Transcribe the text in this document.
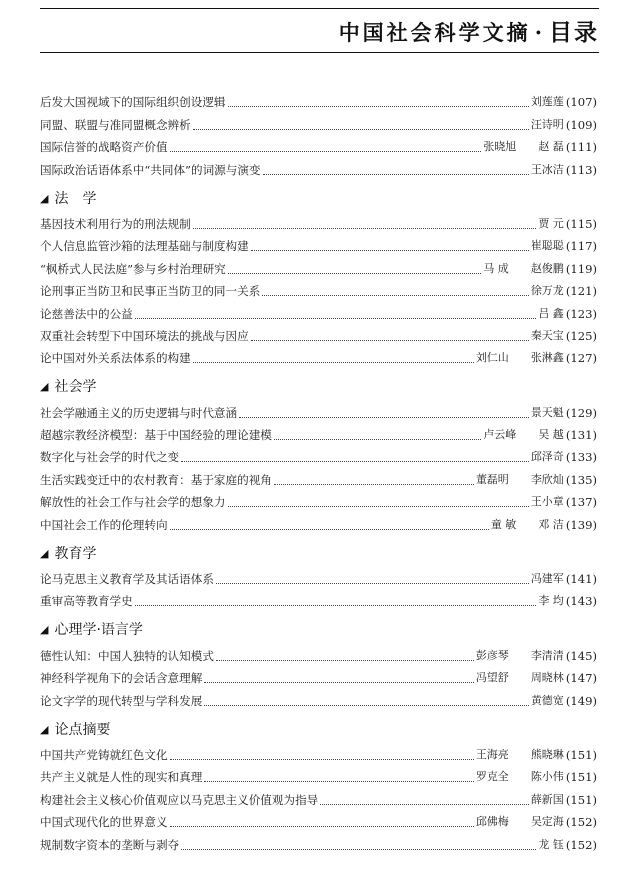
中国社会科学文摘 · 目录
后发大国视域下的国际组织创设逻辑	刘莲莲 (107)
同盟、联盟与准同盟概念辨析	汪诗明 (109)
国际信誉的战略资产价值	张晓旭 赵 磊 (111)
国际政治话语体系中“共同体”的词源与演变	王冰洁 (113)
◢ 法　学
基因技术利用行为的刑法规制	贾 元 (115)
个人信息监管沙箱的法理基础与制度构建	崔聪聪 (117)
“枫桥式人民法庭”参与乡村治理研究	马 成 赵俊鹏 (119)
论刑事正当防卫和民事正当防卫的同一关系	徐万龙 (121)
论慈善法中的公益	吕 鑫 (123)
双重社会转型下中国环境法的挑战与因应	秦天宝 (125)
论中国对外关系法体系的构建	刘仁山 张淋鑫 (127)
◢ 社会学
社会学融通主义的历史逻辑与时代意涵	景天魁 (129)
超越宗教经济模型：基于中国经验的理论建模	卢云峰 吴 越 (131)
数字化与社会学的时代之变	邱泽奇 (133)
生活实践变迁中的农村教育：基于家庭的视角	董磊明 李欣灿 (135)
解放性的社会工作与社会学的想象力	王小章 (137)
中国社会工作的伦理转向	童 敏 邓 洁 (139)
◢ 教育学
论马克思主义教育学及其话语体系	冯建军 (141)
重审高等教育学史	李 均 (143)
◢ 心理学·语言学
德性认知：中国人独特的认知模式	彭彦琴 李清清 (145)
神经科学视角下的会话含意理解	冯望舒 周晓林 (147)
论文字学的现代转型与学科发展	黄德宽 (149)
◢ 论点摘要
中国共产党铸就红色文化	王海亮 熊晓琳 (151)
共产主义就是人性的现实和真理	罗克全 陈小伟 (151)
构建社会主义核心价值观应以马克思主义价值观为指导	薛新国 (151)
中国式现代化的世界意义	邱佛梅 吴定海 (152)
规制数字资本的垄断与剥夺	龙 钰 (152)
